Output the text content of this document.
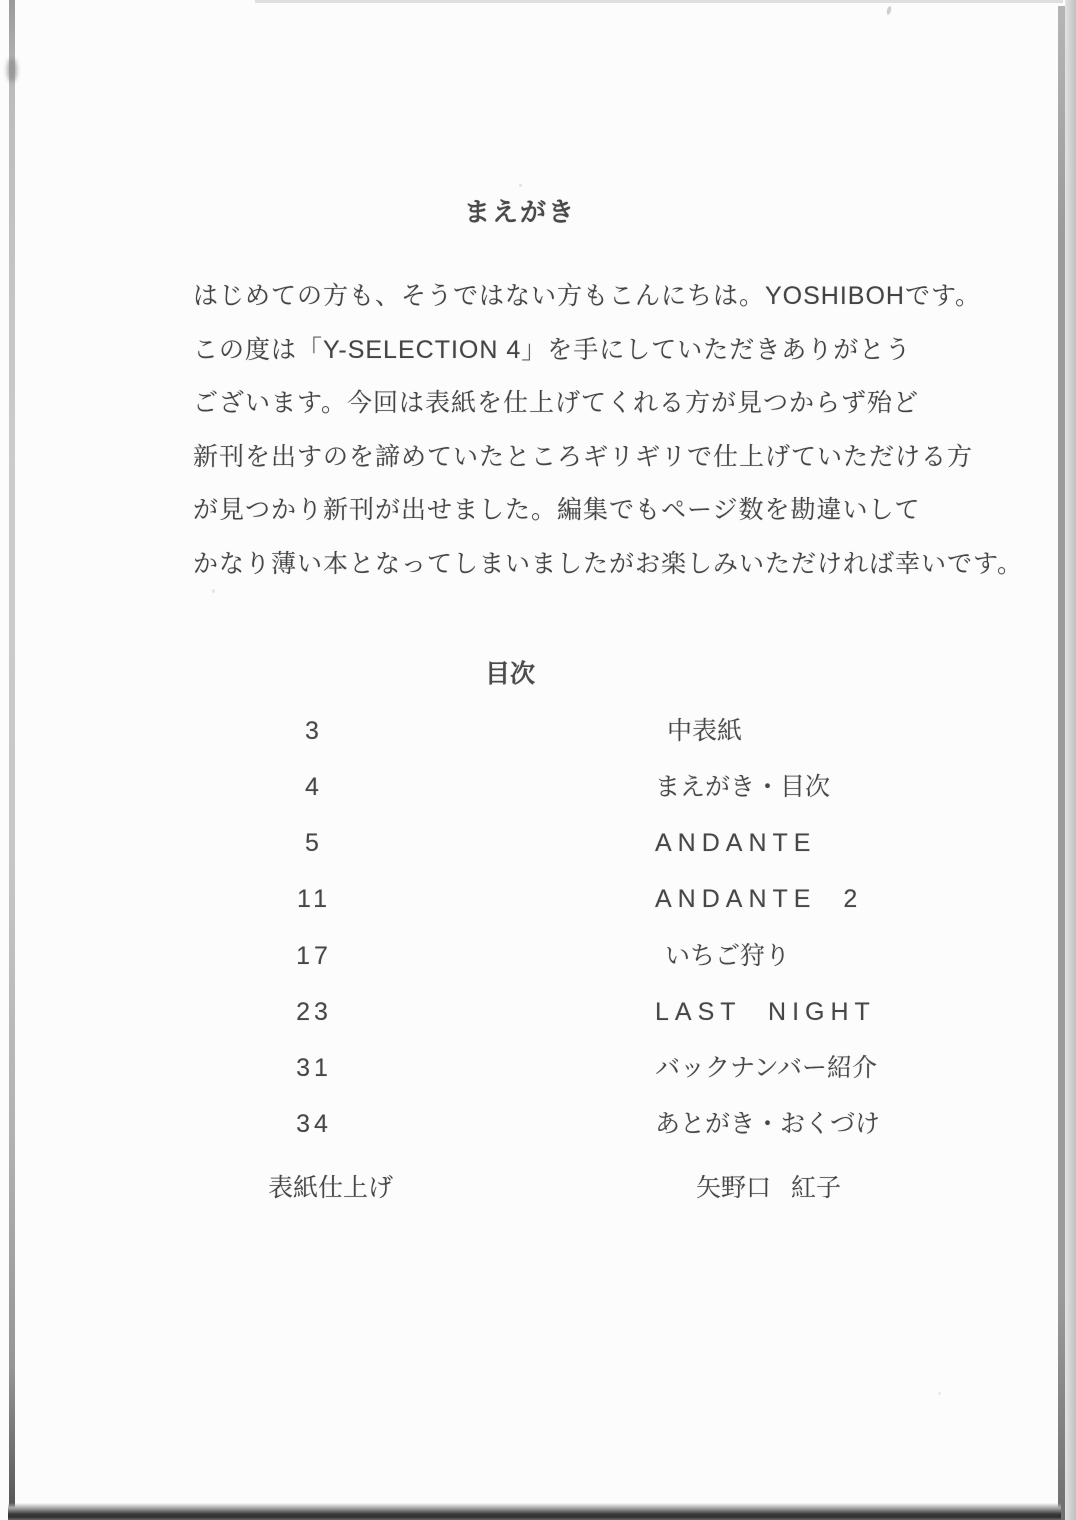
まえがき

はじめての方も、そうではない方もこんにちは。YOSHIBOHです。

この度は「Y-SELECTION 4」を手にしていただきありがとう

ございます。今回は表紙を仕上げてくれる方が見つからず殆ど

新刊を出すのを諦めていたところギリギリで仕上げていただける方

が見つかり新刊が出せました。編集でもページ数を勘違いして

かなり薄い本となってしまいましたがお楽しみいただければ幸いです。

目次
3	中表紙
4	まえがき・目次
5	ANDANTE
11	ANDANTE 2
17	いちご狩り
23	LAST NIGHT
31	バックナンバー紹介
34	あとがき・おくづけ
表紙仕上げ	矢野口 紅子
